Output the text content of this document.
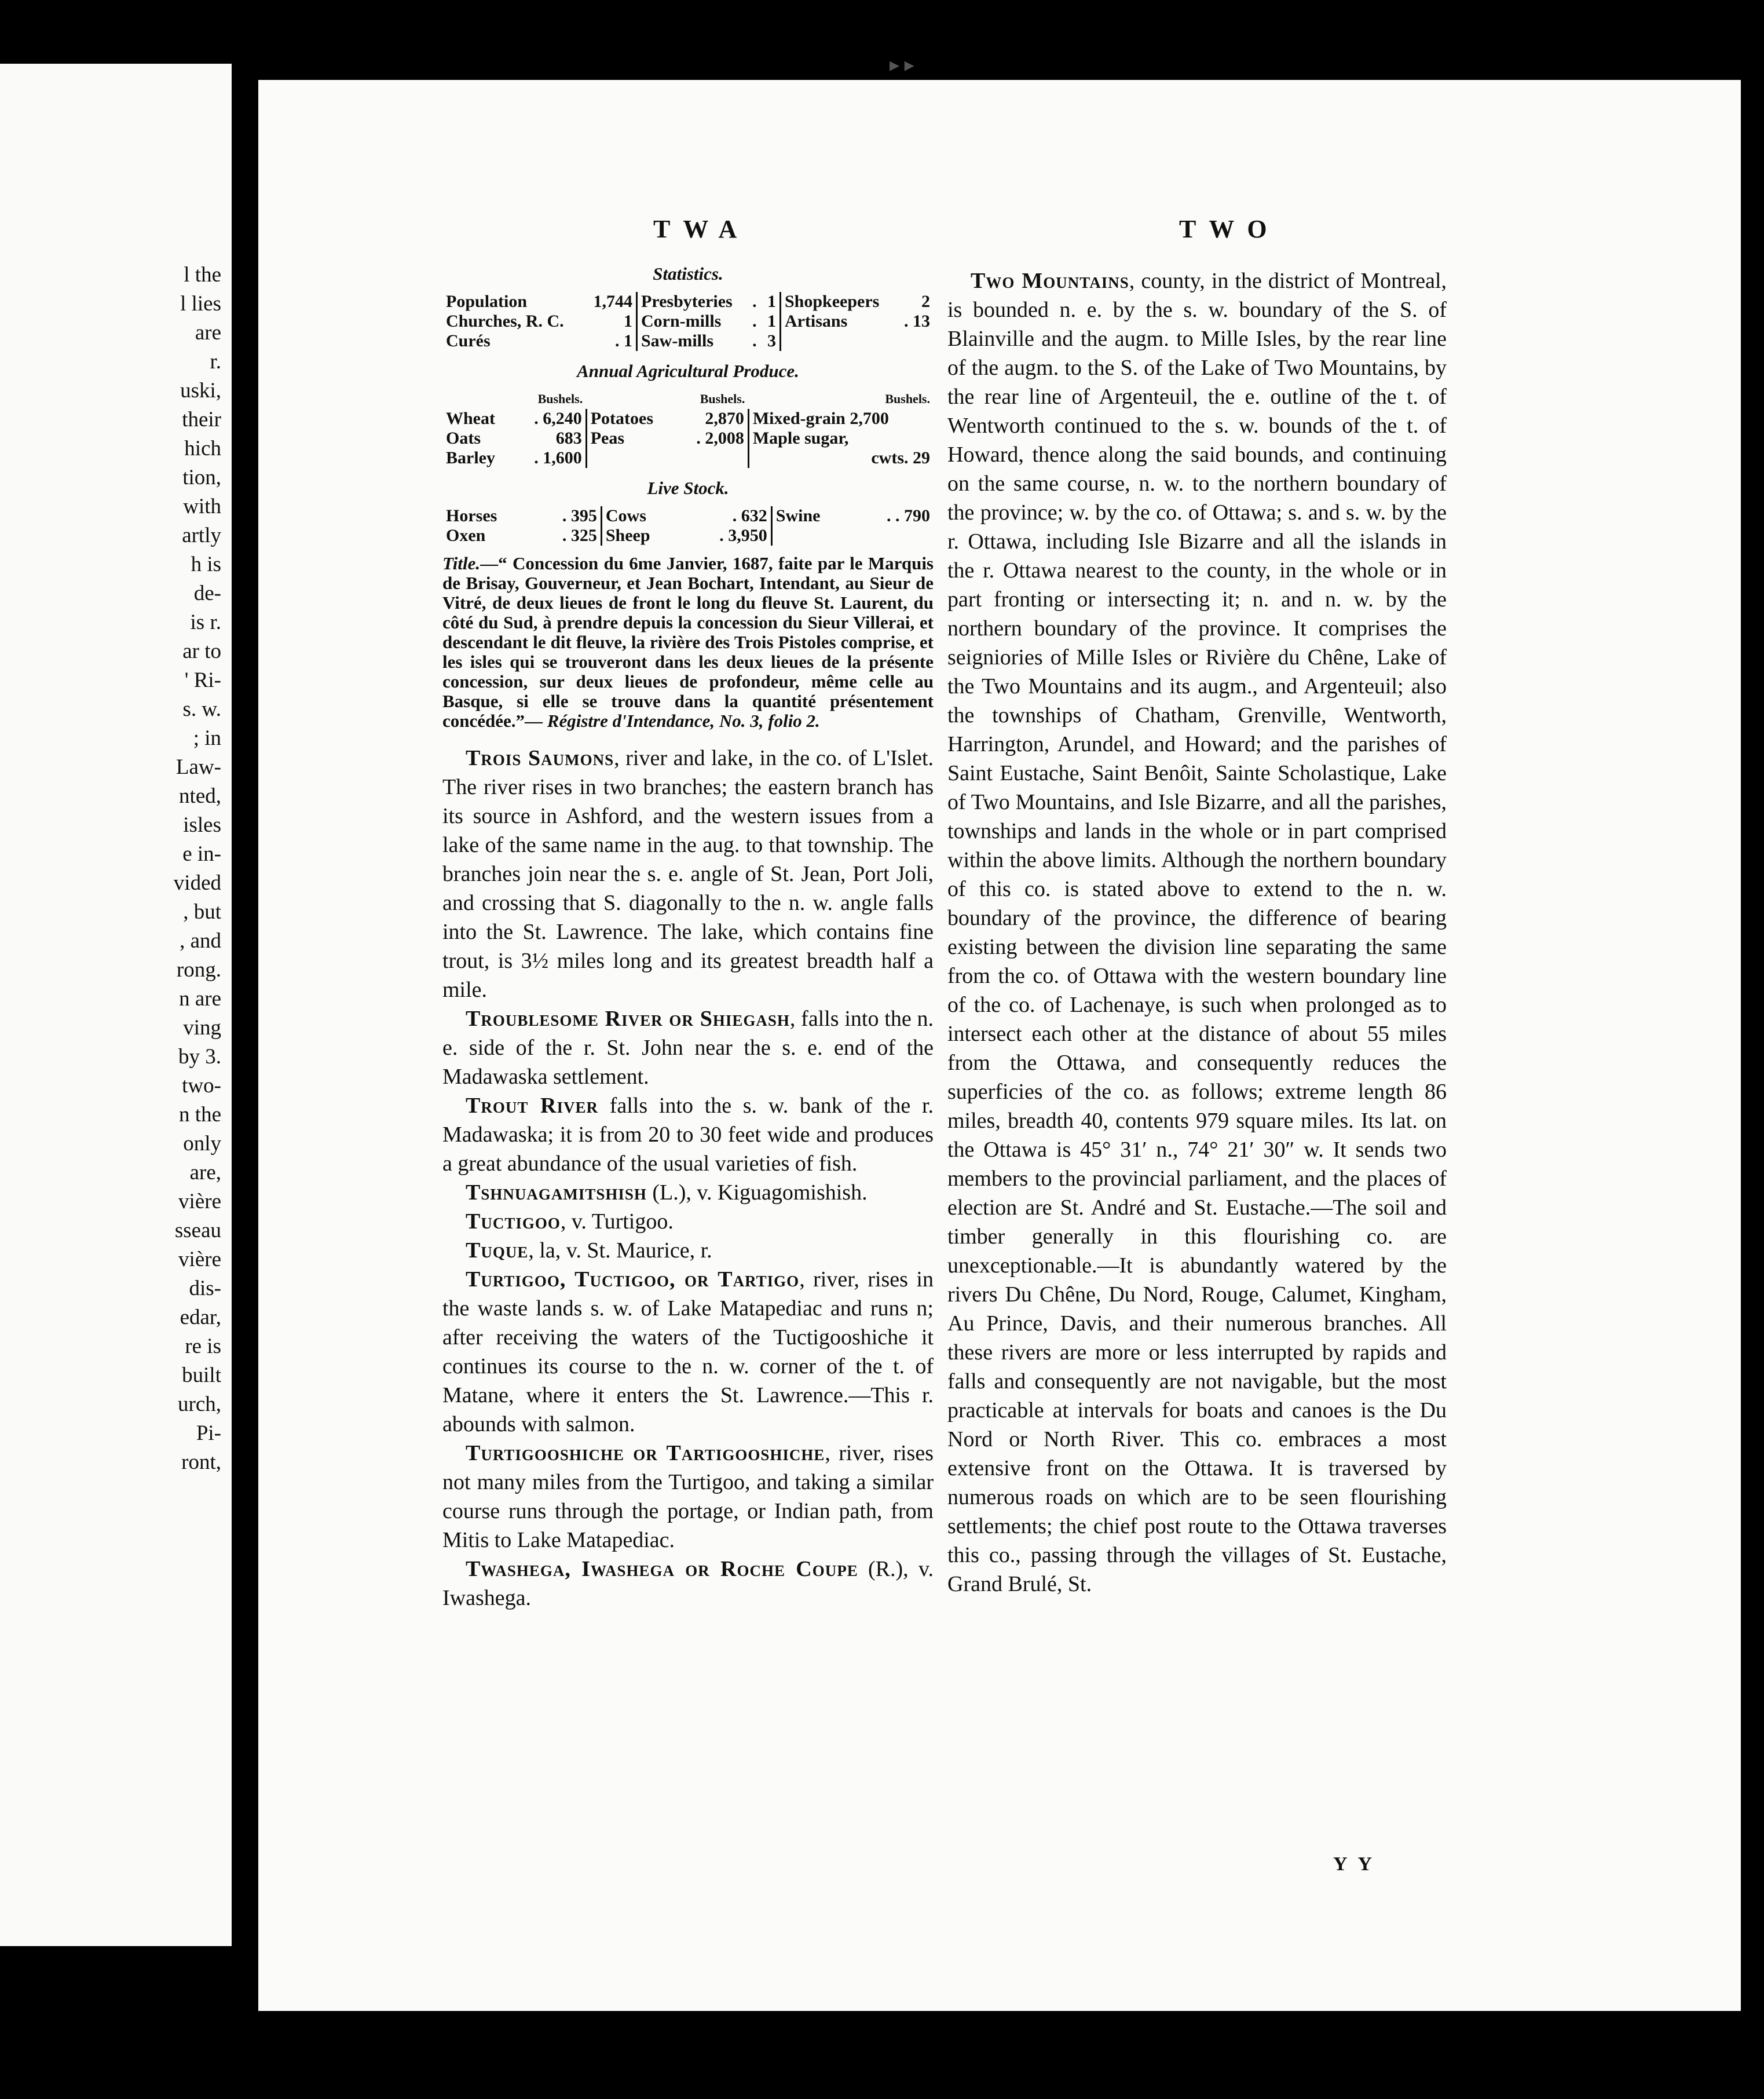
l the
l lies
are
r.
uski,
their
hich
tion,
with
artly
h is
de-
is r.
ar to
' Ri-
s. w.
; in
Law-
nted,
isles
e in-
vided
, but
, and
rong.
n are
ving
by 3.
two-
n the
only
are,
vière
sseau
vière
dis-
edar,
re is
built
urch,
Pi-
ront,
▸ ▸
TWA	TWO
Statistics.
Population	1,744	Presbyteries	.	1	Shopkeepers	2
Churches, R. C.	1	Corn-mills	.	1	Artisans	. 13
Curés	. 1	Saw-mills	.	3		
Annual Agricultural Produce.
	Bushels.		Bushels.	Bushels.
Wheat	. 6,240	Potatoes	2,870	Mixed-grain 2,700
Oats	683	Peas	. 2,008	Maple sugar,
Barley	. 1,600			cwts. 29
Live Stock.
Horses	. 395	Cows	. 632	Swine	. . 790
Oxen	. 325	Sheep	. 3,950		
Title.—“ Concession du 6me Janvier, 1687, faite par le Marquis de Brisay, Gouverneur, et Jean Bochart, Intendant, au Sieur de Vitré, de deux lieues de front le long du fleuve St. Laurent, du côté du Sud, à prendre depuis la concession du Sieur Villerai, et descendant le dit fleuve, la rivière des Trois Pistoles comprise, et les isles qui se trouveront dans les deux lieues de la présente concession, sur deux lieues de profondeur, même celle au Basque, si elle se trouve dans la quantité présentement concédée.”— Régistre d'Intendance, No. 3, folio 2.

Trois Saumons, river and lake, in the co. of L'Islet. The river rises in two branches; the eastern branch has its source in Ashford, and the western issues from a lake of the same name in the aug. to that township. The branches join near the s. e. angle of St. Jean, Port Joli, and crossing that S. diagonally to the n. w. angle falls into the St. Lawrence. The lake, which contains fine trout, is 3½ miles long and its greatest breadth half a mile.

Troublesome River or Shiegash, falls into the n. e. side of the r. St. John near the s. e. end of the Madawaska settlement.

Trout River falls into the s. w. bank of the r. Madawaska; it is from 20 to 30 feet wide and produces a great abundance of the usual varieties of fish.

Tshnuagamitshish (L.), v. Kiguagomishish.

Tuctigoo, v. Turtigoo.

Tuque, la, v. St. Maurice, r.

Turtigoo, Tuctigoo, or Tartigo, river, rises in the waste lands s. w. of Lake Matapediac and runs n; after receiving the waters of the Tuctigooshiche it continues its course to the n. w. corner of the t. of Matane, where it enters the St. Lawrence.—This r. abounds with salmon.

Turtigooshiche or Tartigooshiche, river, rises not many miles from the Turtigoo, and taking a similar course runs through the portage, or Indian path, from Mitis to Lake Matapediac.

Twashega, Iwashega or Roche Coupe (R.), v. Iwashega.

Two Mountains, county, in the district of Montreal, is bounded n. e. by the s. w. boundary of the S. of Blainville and the augm. to Mille Isles, by the rear line of the augm. to the S. of the Lake of Two Mountains, by the rear line of Argenteuil, the e. outline of the t. of Wentworth continued to the s. w. bounds of the t. of Howard, thence along the said bounds, and continuing on the same course, n. w. to the northern boundary of the province; w. by the co. of Ottawa; s. and s. w. by the r. Ottawa, including Isle Bizarre and all the islands in the r. Ottawa nearest to the county, in the whole or in part fronting or intersecting it; n. and n. w. by the northern boundary of the province. It comprises the seigniories of Mille Isles or Rivière du Chêne, Lake of the Two Mountains and its augm., and Argenteuil; also the townships of Chatham, Grenville, Wentworth, Harrington, Arundel, and Howard; and the parishes of Saint Eustache, Saint Benôit, Sainte Scholastique, Lake of Two Mountains, and Isle Bizarre, and all the parishes, townships and lands in the whole or in part comprised within the above limits. Although the northern boundary of this co. is stated above to extend to the n. w. boundary of the province, the difference of bearing existing between the division line separating the same from the co. of Ottawa with the western boundary line of the co. of Lachenaye, is such when prolonged as to intersect each other at the distance of about 55 miles from the Ottawa, and consequently reduces the superficies of the co. as follows; extreme length 86 miles, breadth 40, contents 979 square miles. Its lat. on the Ottawa is 45° 31′ n., 74° 21′ 30″ w. It sends two members to the provincial parliament, and the places of election are St. André and St. Eustache.—The soil and timber generally in this flourishing co. are unexceptionable.—It is abundantly watered by the rivers Du Chêne, Du Nord, Rouge, Calumet, Kingham, Au Prince, Davis, and their numerous branches. All these rivers are more or less interrupted by rapids and falls and consequently are not navigable, but the most practicable at intervals for boats and canoes is the Du Nord or North River. This co. embraces a most extensive front on the Ottawa. It is traversed by numerous roads on which are to be seen flourishing settlements; the chief post route to the Ottawa traverses this co., passing through the villages of St. Eustache, Grand Brulé, St.

Y Y
